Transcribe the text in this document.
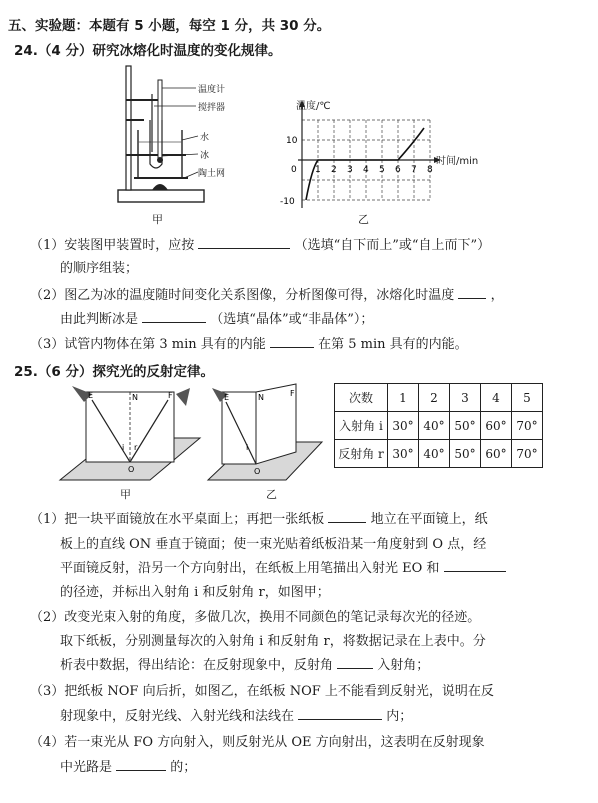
五、实验题：本题有 5 小题，每空 1 分，共 30 分。
24.（4 分）研究冰熔化时温度的变化规律。
温度计
搅拌器
水
冰
陶土网
甲
10
0
-10
1 2 3 4 5 6 7 8
温度/℃
时间/min
乙
（1）安装图甲装置时，应按	（选填“自下而上”或“自上而下”）
的顺序组装；
（2）图乙为冰的温度随时间变化关系图像，分析图像可得，冰熔化时温度	，
由此判断冰是	（选填“晶体”或“非晶体”）；
（3）试管内物体在第 3 min 具有的内能	在第 5 min 具有的内能。
25.（6 分）探究光的反射定律。
E	N	F
O
i r
甲
E	N	F
O
i
乙
次数	1	2	3	4	5
入射角 i	30°	40°	50°	60°	70°
反射角 r	30°	40°	50°	60°	70°
（1）把一块平面镜放在水平桌面上；再把一张纸板	地立在平面镜上，纸
板上的直线 ON 垂直于镜面；使一束光贴着纸板沿某一角度射到 O 点，经
平面镜反射，沿另一个方向射出，在纸板上用笔描出入射光 EO 和
的径迹，并标出入射角 i 和反射角 r，如图甲；
（2）改变光束入射的角度，多做几次，换用不同颜色的笔记录每次光的径迹。
取下纸板，分别测量每次的入射角 i 和反射角 r，将数据记录在上表中。分
析表中数据，得出结论：在反射现象中，反射角	入射角；
（3）把纸板 NOF 向后折，如图乙，在纸板 NOF 上不能看到反射光，说明在反
射现象中，反射光线、入射光线和法线在	内；
（4）若一束光从 FO 方向射入，则反射光从 OE 方向射出，这表明在反射现象
中光路是	的；
